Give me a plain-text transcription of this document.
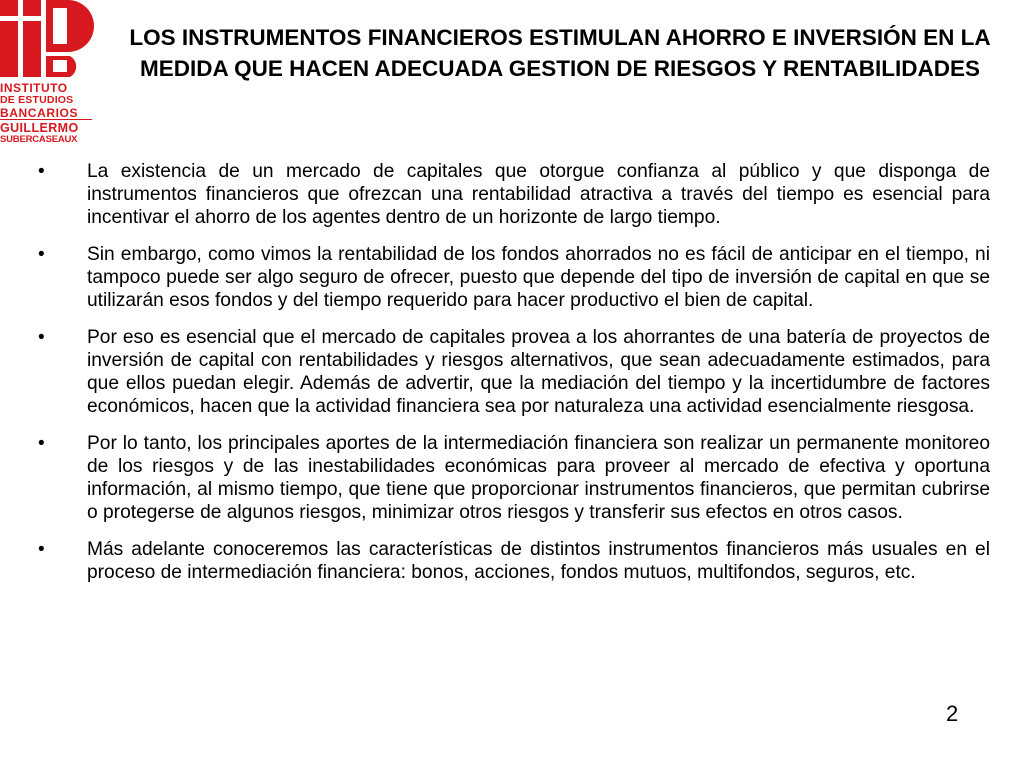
INSTITUTO
DE ESTUDIOS
BANCARIOS
GUILLERMO
SUBERCASEAUX
LOS INSTRUMENTOS FINANCIEROS ESTIMULAN AHORRO E INVERSIÓN EN LA MEDIDA QUE HACEN ADECUADA GESTION DE RIESGOS Y RENTABILIDADES
• La existencia de un mercado de capitales que otorgue confianza al público y que disponga de instrumentos financieros que ofrezcan una rentabilidad atractiva a través del tiempo es esencial para incentivar el ahorro de los agentes dentro de un horizonte de largo tiempo.
• Sin embargo, como vimos la rentabilidad de los fondos ahorrados no es fácil de anticipar en el tiempo, ni tampoco puede ser algo seguro de ofrecer, puesto que depende del tipo de inversión de capital en que se utilizarán esos fondos y del tiempo requerido para hacer productivo el bien de capital.
• Por eso es esencial que el mercado de capitales provea a los ahorrantes de una batería de proyectos de inversión de capital con rentabilidades y riesgos alternativos, que sean adecuadamente estimados, para que ellos puedan elegir. Además de advertir, que la mediación del tiempo y la incertidumbre de factores económicos, hacen que la actividad financiera sea por naturaleza una actividad esencialmente riesgosa.
• Por lo tanto, los principales aportes de la intermediación financiera son realizar un permanente monitoreo de los riesgos y de las inestabilidades económicas para proveer al mercado de efectiva y oportuna información, al mismo tiempo, que tiene que proporcionar instrumentos financieros, que permitan cubrirse o protegerse de algunos riesgos, minimizar otros riesgos y transferir sus efectos en otros casos.
• Más adelante conoceremos las características de distintos instrumentos financieros más usuales en el proceso de intermediación financiera: bonos, acciones, fondos mutuos, multifondos, seguros, etc.
2
